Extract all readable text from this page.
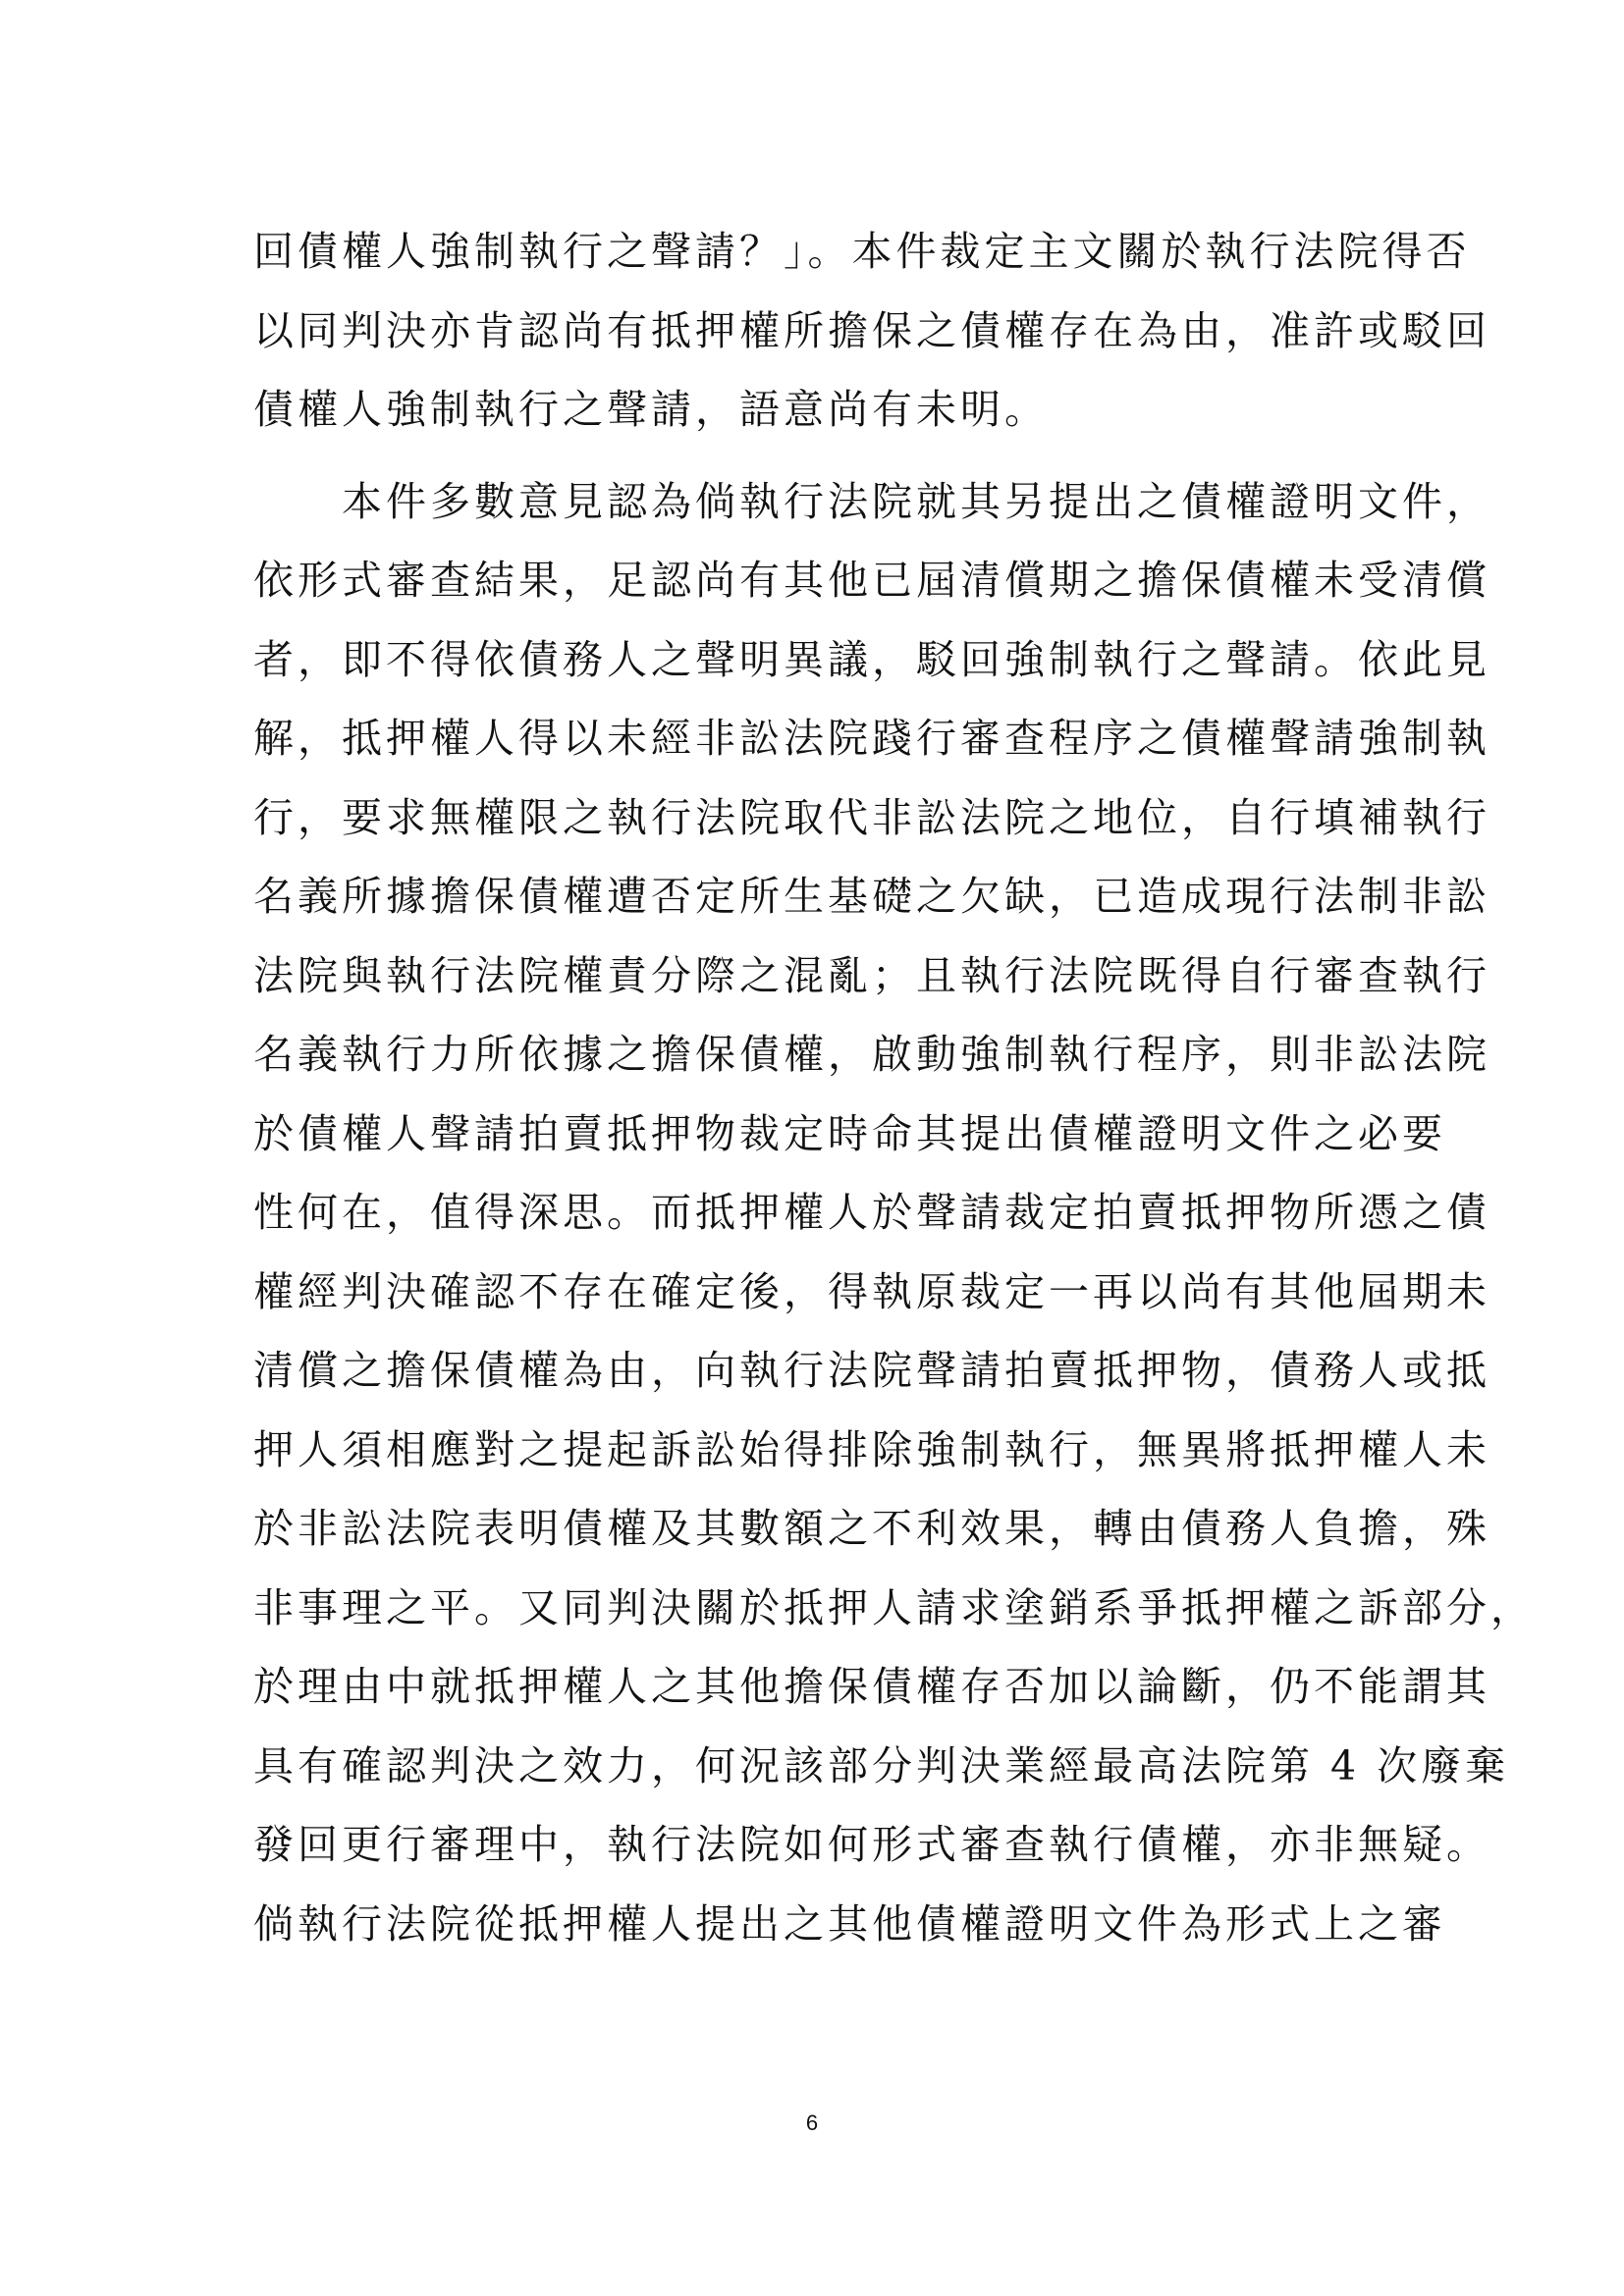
回債權人強制執行之聲請？」。本件裁定主文關於執行法院得否
以同判決亦肯認尚有抵押權所擔保之債權存在為由，准許或駁回
債權人強制執行之聲請，語意尚有未明。
　　本件多數意見認為倘執行法院就其另提出之債權證明文件，
依形式審查結果，足認尚有其他已屆清償期之擔保債權未受清償
者，即不得依債務人之聲明異議，駁回強制執行之聲請。依此見
解，抵押權人得以未經非訟法院踐行審查程序之債權聲請強制執
行，要求無權限之執行法院取代非訟法院之地位，自行填補執行
名義所據擔保債權遭否定所生基礎之欠缺，已造成現行法制非訟
法院與執行法院權責分際之混亂；且執行法院既得自行審查執行
名義執行力所依據之擔保債權，啟動強制執行程序，則非訟法院
於債權人聲請拍賣抵押物裁定時命其提出債權證明文件之必要
性何在，值得深思。而抵押權人於聲請裁定拍賣抵押物所憑之債
權經判決確認不存在確定後，得執原裁定一再以尚有其他屆期未
清償之擔保債權為由，向執行法院聲請拍賣抵押物，債務人或抵
押人須相應對之提起訴訟始得排除強制執行，無異將抵押權人未
於非訟法院表明債權及其數額之不利效果，轉由債務人負擔，殊
非事理之平。又同判決關於抵押人請求塗銷系爭抵押權之訴部分，
於理由中就抵押權人之其他擔保債權存否加以論斷，仍不能謂其
具有確認判決之效力，何況該部分判決業經最高法院第 4 次廢棄
發回更行審理中，執行法院如何形式審查執行債權，亦非無疑。
倘執行法院從抵押權人提出之其他債權證明文件為形式上之審
6
